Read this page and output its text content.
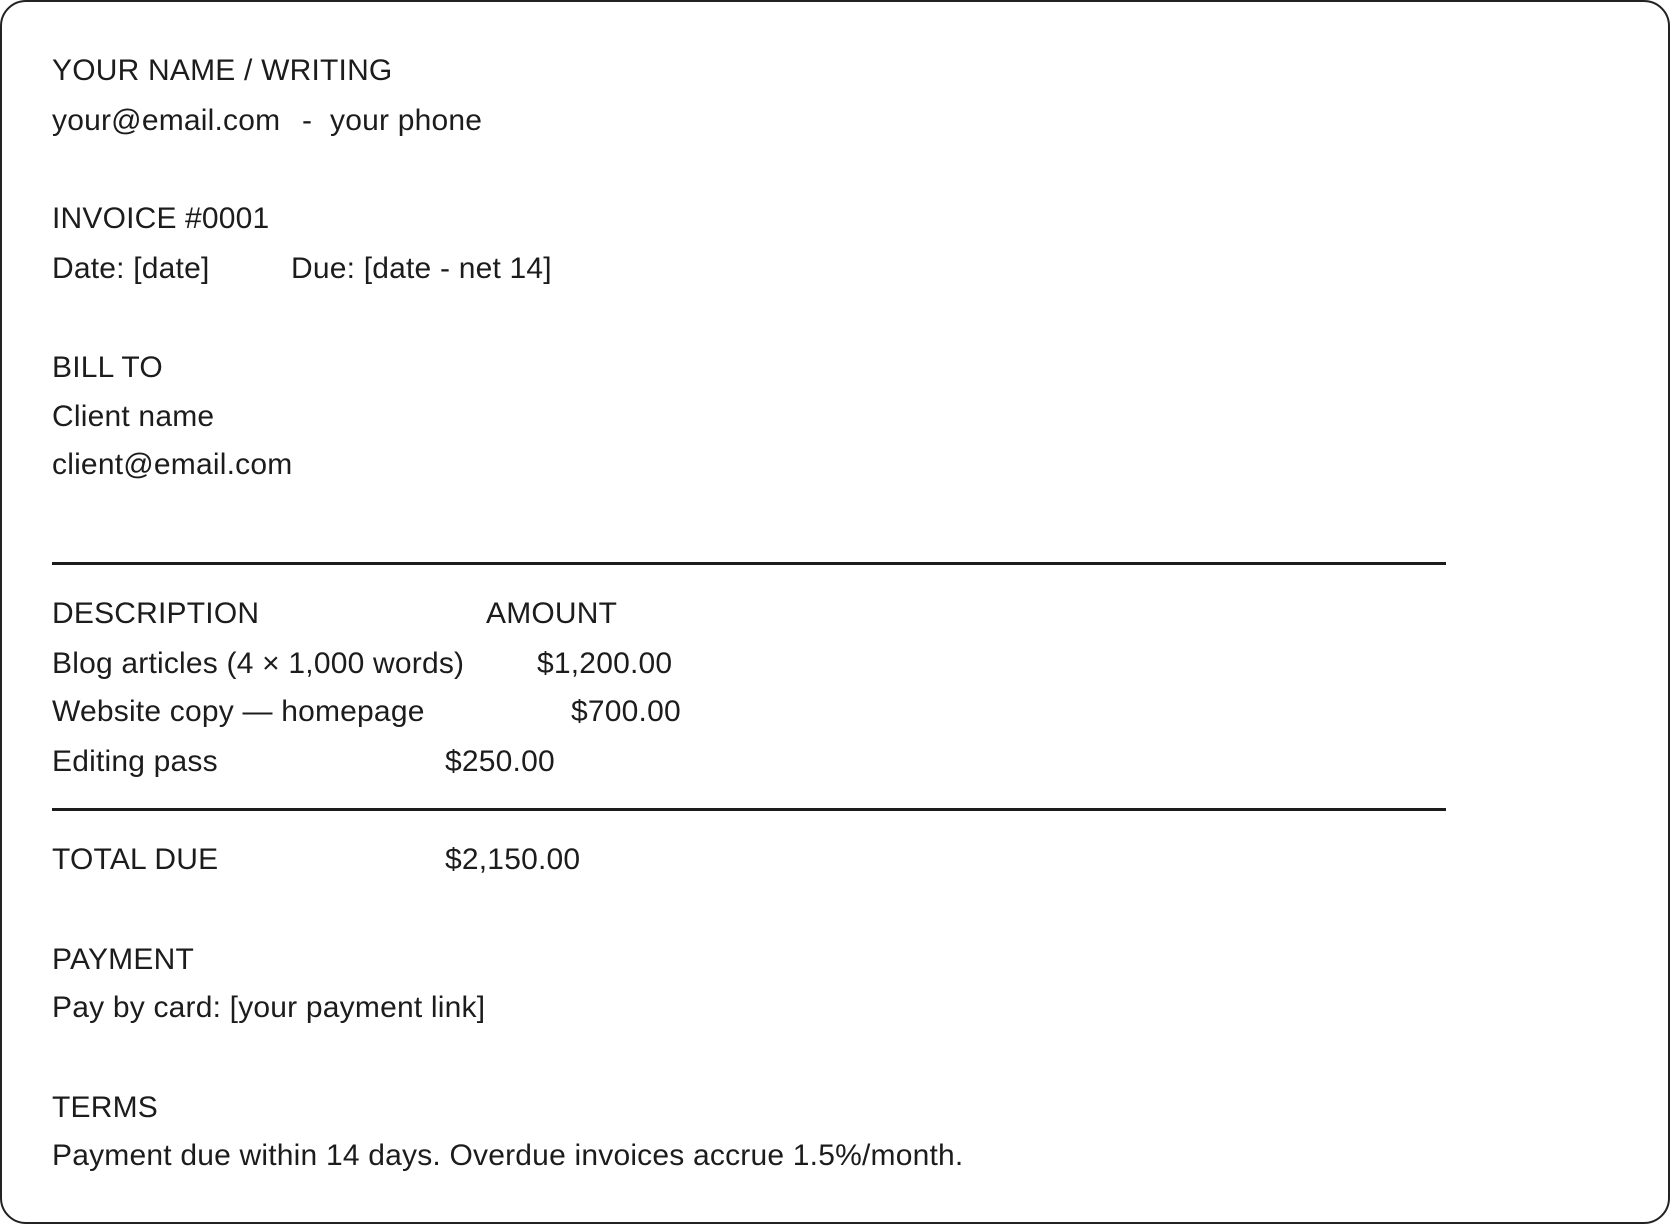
YOUR NAME / WRITING
your@email.com - your phone
INVOICE #0001
Date: [date]	Due: [date - net 14]
BILL TO
Client name
client@email.com
DESCRIPTION	AMOUNT
Blog articles (4 × 1,000 words) $1,200.00
Website copy — homepage	$700.00
Editing pass	$250.00
TOTAL DUE	$2,150.00
PAYMENT
Pay by card: [your payment link]
TERMS
Payment due within 14 days. Overdue invoices accrue 1.5%/month.
